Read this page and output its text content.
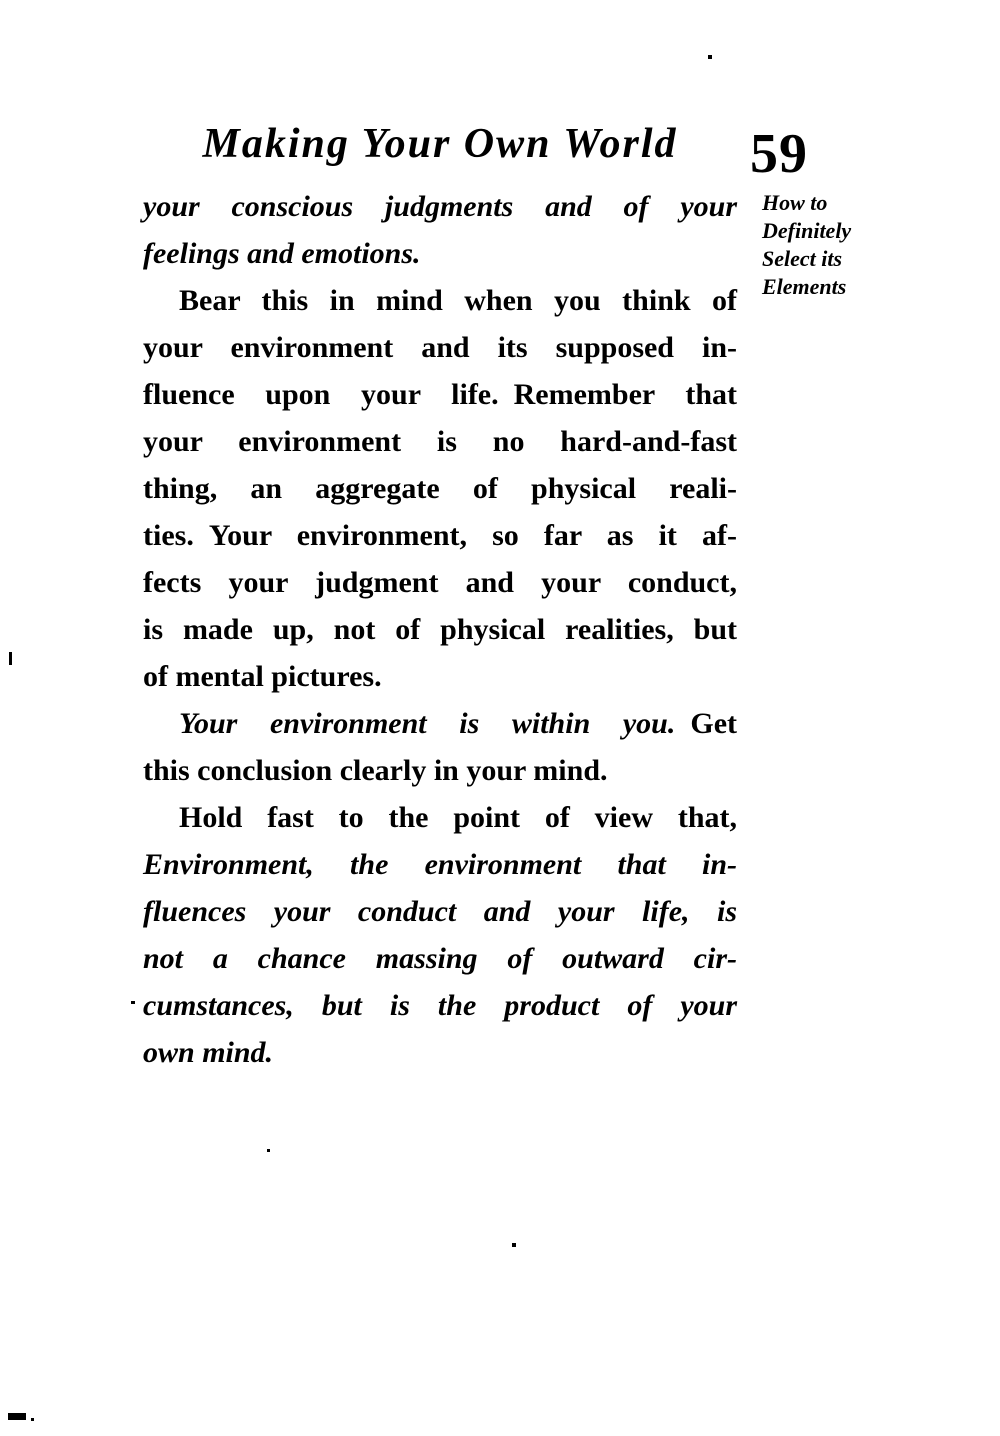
Making Your Own World	59
How to
Definitely
Select its
Elements
your conscious judgments and of your
feelings and emotions.
Bear this in mind when you think of
your environment and its supposed in-
fluence upon your life. Remember that
your environment is no hard-and-fast
thing, an aggregate of physical reali-
ties. Your environment, so far as it af-
fects your judgment and your conduct,
is made up, not of physical realities, but
of mental pictures.
Your environment is within you. Get
this conclusion clearly in your mind.
Hold fast to the point of view that,
Environment, the environment that in-
fluences your conduct and your life, is
not a chance massing of outward cir-
cumstances, but is the product of your
own mind.
